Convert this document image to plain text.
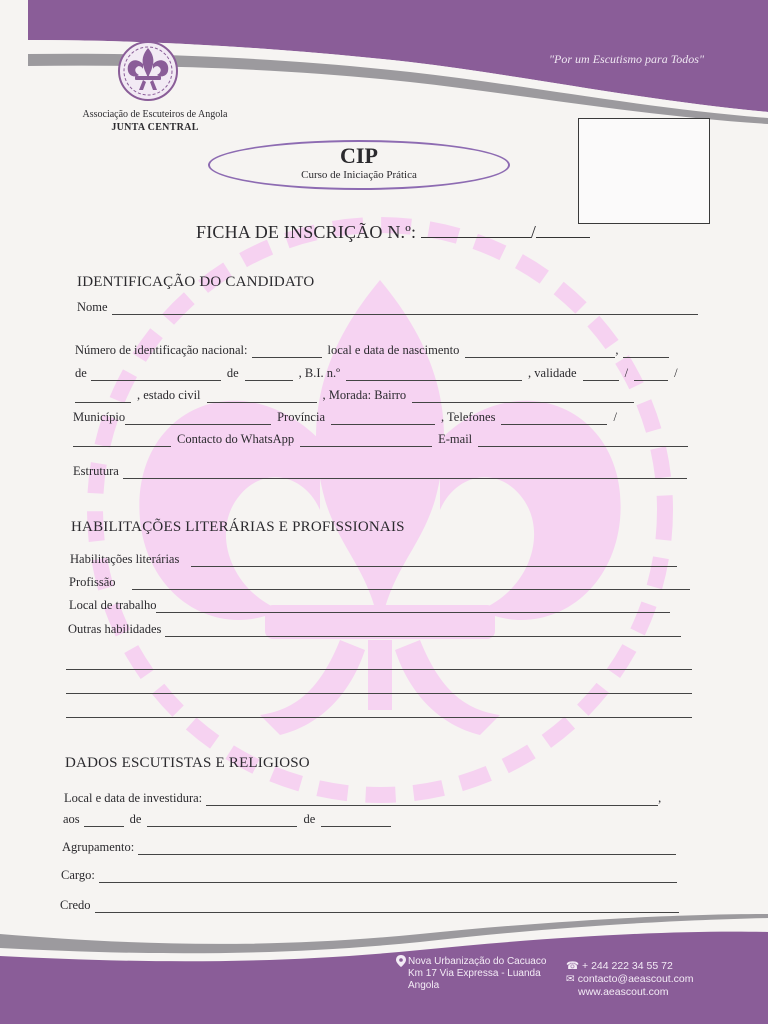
Associação de Escuteiros de Angola
JUNTA CENTRAL
"Por um Escutismo para Todos"
CIP
Curso de Iniciação Prática
FICHA DE INSCRIÇÃO N.º:	/
IDENTIFICAÇÃO DO CANDIDATO
Nome
Número de identificação nacional:	local e data de nascimento	,
de	de	, B.I. n.º	, validade	/	/
, estado civil	, Morada: Bairro
Município	Província	, Telefones	/
Contacto do WhatsApp	E-mail
Estrutura
HABILITAÇÕES LITERÁRIAS E PROFISSIONAIS
Habilitações literárias
Profissão
Local de trabalho
Outras habilidades
DADOS ESCUTISTAS E RELIGIOSO
Local e data de investidura:	,
aos	de	de
Agrupamento:
Cargo:
Credo
Nova Urbanização do Cacuaco
Km 17 Via Expressa - Luanda
Angola
☎ + 244 222 34 55 72
✉ contacto@aeascout.com
www.aeascout.com
